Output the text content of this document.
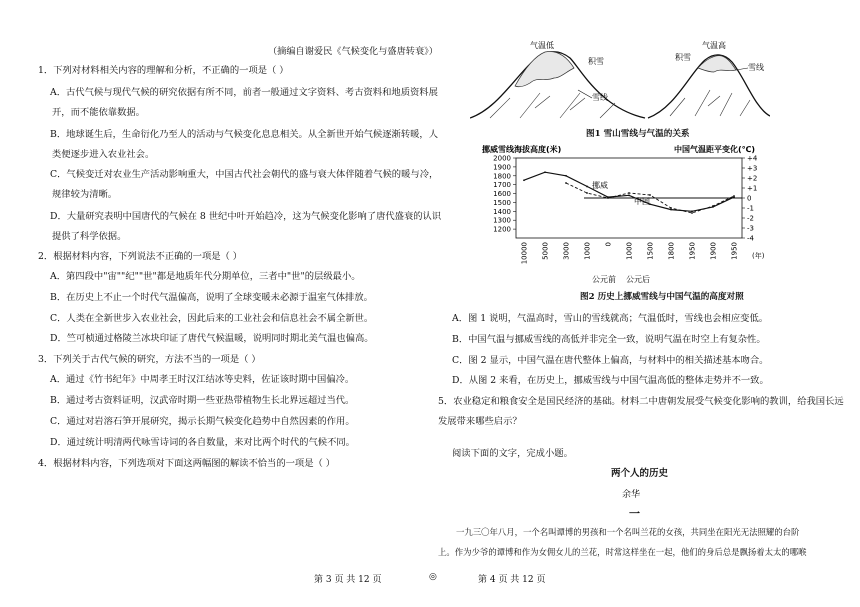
（摘编自谢爱民《气候变化与盛唐转衰》）
1．下列对材料相关内容的理解和分析，不正确的一项是（ ）
A．古代气候与现代气候的研究依据有所不同，前者一般通过文字资料、考古资料和地质资料展
开，而不能依靠数据。
B．地球诞生后，生命衍化乃至人的活动与气候变化息息相关。从全新世开始气候逐渐转暖，人
类便逐步进入农业社会。
C．气候变迁对农业生产活动影响重大，中国古代社会朝代的盛与衰大体伴随着气候的暖与冷，
规律较为清晰。
D．大量研究表明中国唐代的气候在 8 世纪中叶开始趋冷，这为气候变化影响了唐代盛衰的认识
提供了科学依据。
2．根据材料内容，下列说法不正确的一项是（ ）
A．第四段中"宙""纪""世"都是地质年代分期单位，三者中"世"的层级最小。
B．在历史上不止一个时代气温偏高，说明了全球变暖未必源于温室气体排放。
C．人类在全新世步入农业社会，因此后来的工业社会和信息社会不属全新世。
D．竺可桢通过格陵兰冰块印证了唐代气候温暖，说明同时期北美气温也偏高。
3．下列关于古代气候的研究，方法不当的一项是（ ）
A．通过《竹书纪年》中周孝王时汉江结冰等史料，佐证该时期中国偏冷。
B．通过考古资料证明，汉武帝时期一些亚热带植物生长北界远超过当代。
C．通过对岩溶石笋开展研究，揭示长期气候变化趋势中自然因素的作用。
D．通过统计明清两代咏雪诗词的各自数量，来对比两个时代的气候不同。
4．根据材料内容，下列选项对下面这两幅图的解读不恰当的一项是（ ）
气温低
积雪
雪线
积雪
气温高
雪线
图1 雪山雪线与气温的关系
挪威雪线海拔高度(米)	中国气温距平变化(℃)
2000
1900
1800
1700
1600
1500
1400
1300
1200
+4
+3
+2
+1
0
-1
-2
-3
-4
10000 5000 3000 1000 0 1000 1500 1800 1950 1900 1950
挪威
中国
公元前 公元后
(年)
图2 历史上挪威雪线与中国气温的高度对照
A．图 1 说明，气温高时，雪山的雪线就高；气温低时，雪线也会相应变低。
B．中国气温与挪威雪线的高低并非完全一致，说明气温在时空上有复杂性。
C．图 2 显示，中国气温在唐代整体上偏高，与材料中的相关描述基本吻合。
D．从图 2 来看，在历史上，挪威雪线与中国气温高低的整体走势并不一致。
5．农业稳定和粮食安全是国民经济的基础。材料二中唐朝发展受气候变化影响的教训，给我国长远
发展带来哪些启示？
阅读下面的文字，完成小题。
两个人的历史
余华
一
一九三〇年八月，一个名叫谭博的男孩和一个名叫兰花的女孩，共同坐在阳光无法照耀的台阶
上。作为少爷的谭博和作为女佣女儿的兰花，时常这样坐在一起，他们的身后总是飘扬着太太的哪喉
第 3 页 共 12 页	◎	第 4 页 共 12 页
